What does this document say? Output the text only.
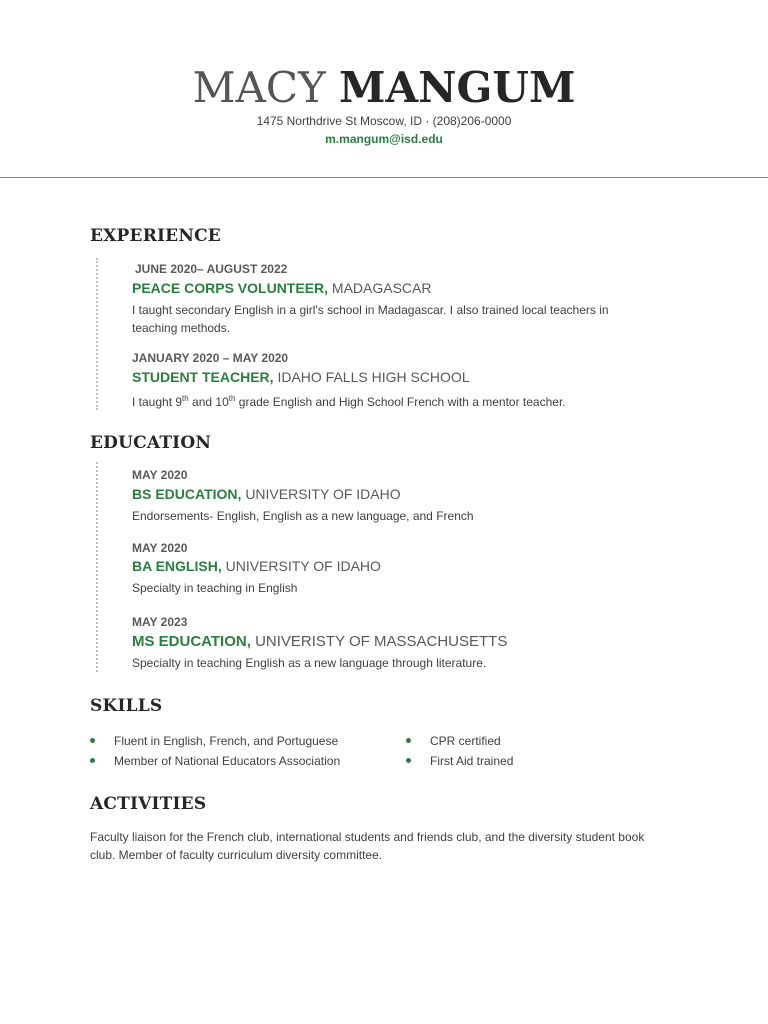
MACY MANGUM
1475 Northdrive St Moscow, ID · (208)206-0000
m.mangum@isd.edu
EXPERIENCE
JUNE 2020– AUGUST 2022
PEACE CORPS VOLUNTEER, MADAGASCAR
I taught secondary English in a girl's school in Madagascar. I also trained local teachers in teaching methods.
JANUARY 2020 – MAY 2020
STUDENT TEACHER, IDAHO FALLS HIGH SCHOOL
I taught 9th and 10th grade English and High School French with a mentor teacher.
EDUCATION
MAY 2020
BS EDUCATION, UNIVERSITY OF IDAHO
Endorsements- English, English as a new language, and French
MAY 2020
BA ENGLISH, UNIVERSITY OF IDAHO
Specialty in teaching in English
MAY 2023
MS EDUCATION, UNIVERISTY OF MASSACHUSETTS
Specialty in teaching English as a new language through literature.
SKILLS
Fluent in English, French, and Portuguese
Member of National Educators Association
CPR certified
First Aid trained
ACTIVITIES
Faculty liaison for the French club, international students and friends club, and the diversity student book club. Member of faculty curriculum diversity committee.
